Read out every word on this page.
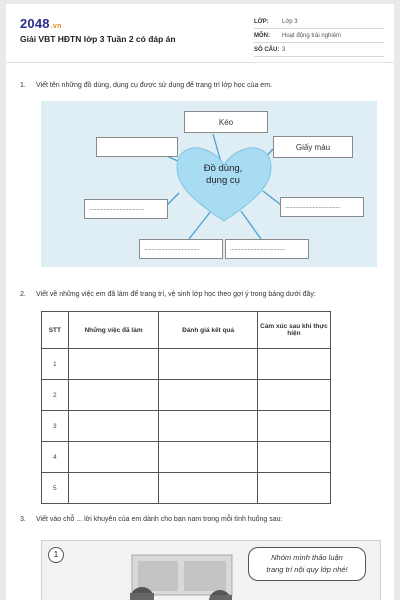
2048.vn
Giải VBT HĐTN lớp 3 Tuần 2 có đáp án
LỚP:	Lớp 3
MÔN:	Hoạt động trải nghiệm
SỐ CÂU: 3
1. Viết tên những đồ dùng, dụng cụ được sử dụng để trang trí lớp học của em.
Kéo
Giấy màu
......................................	......................................
......................................	......................................
Đồ dùng,
dụng cụ
2. Viết về những việc em đã làm để trang trí, vệ sinh lớp học theo gợi ý trong bảng dưới đây:
STT	Những việc đã làm	Đánh giá kết quả	Cảm xúc sau khi thực hiện
1			
2			
3			
4			
5			
3. Viết vào chỗ ... lời khuyên của em dành cho bạn nam trong mỗi tình huống sau:
1	Nhóm mình thảo luận
trang trí nội quy lớp nhé!
